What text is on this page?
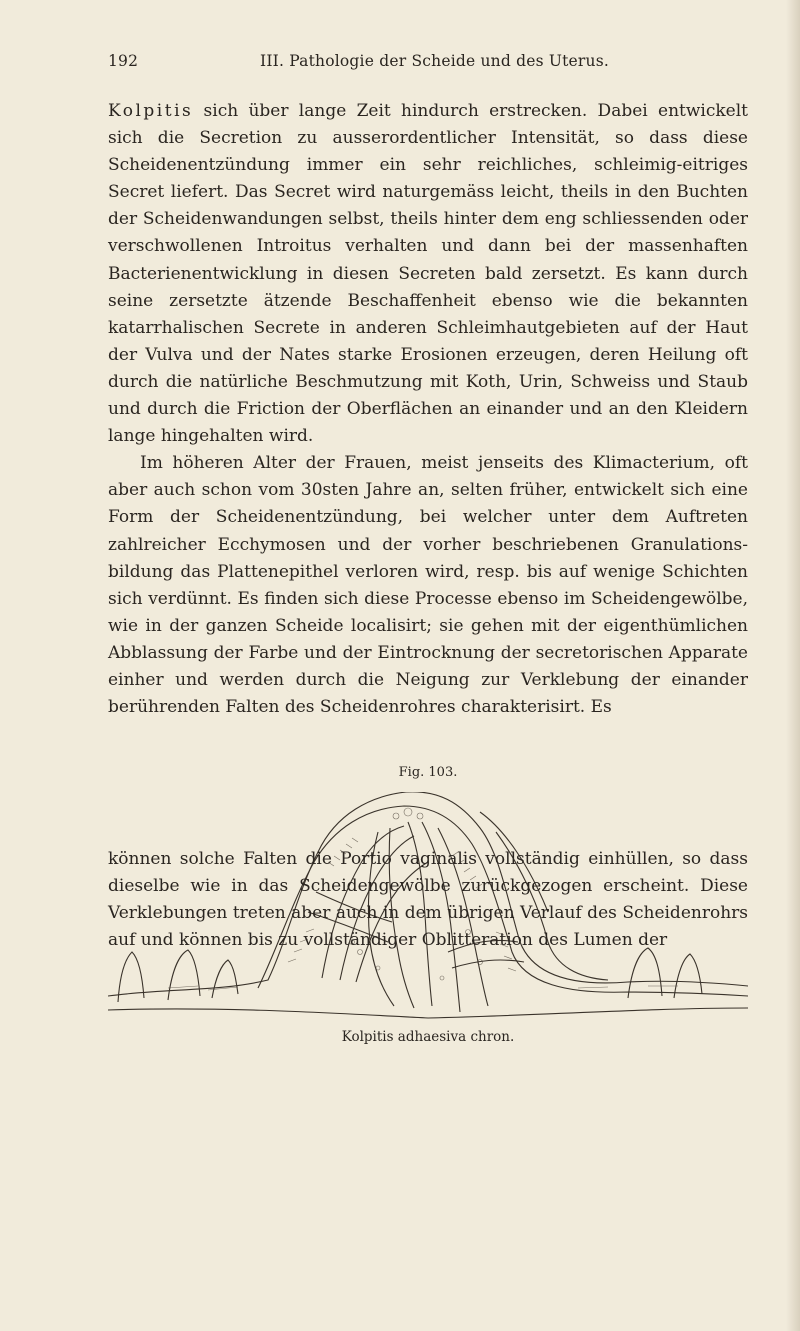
192	III. Pathologie der Scheide und des Uterus.

Kolpitis sich über lange Zeit hindurch erstrecken. Dabei entwickelt sich die Secretion zu ausserordentlicher Intensität, so dass diese Scheidenentzündung immer ein sehr reichliches, schleimig-eitriges Secret liefert. Das Secret wird naturgemäss leicht, theils in den Buchten der Scheidenwandungen selbst, theils hinter dem eng schliessenden oder verschwollenen Introitus verhalten und dann bei der massenhaften Bacterienentwicklung in diesen Secreten bald zersetzt. Es kann durch seine zersetzte ätzende Beschaffenheit ebenso wie die bekannten katarrhalischen Secrete in anderen Schleimhautgebieten auf der Haut der Vulva und der Nates starke Erosionen erzeugen, deren Heilung oft durch die natürliche Beschmutzung mit Koth, Urin, Schweiss und Staub und durch die Friction der Oberflächen an einander und an den Kleidern lange hingehalten wird.

Im höheren Alter der Frauen, meist jenseits des Klimacterium, oft aber auch schon vom 30sten Jahre an, selten früher, entwickelt sich eine Form der Scheidenentzündung, bei welcher unter dem Auftreten zahlreicher Ecchymosen und der vorher beschriebenen Granulationsbildung das Plattenepithel verloren wird, resp. bis auf wenige Schichten sich verdünnt. Es finden sich diese Processe ebenso im Scheidengewölbe, wie in der ganzen Scheide localisirt; sie gehen mit der eigenthümlichen Abblassung der Farbe und der Eintrocknung der secretorischen Apparate einher und werden durch die Neigung zur Verklebung der einander berührenden Falten des Scheidenrohres charakterisirt. Es

Fig. 103.
Kolpitis adhaesiva chron.

können solche Falten die Portio vaginalis vollständig einhüllen, so dass dieselbe wie in das Scheidengewölbe zurückgezogen erscheint. Diese Verklebungen treten aber auch in dem übrigen Verlauf des Scheidenrohrs auf und können bis zu vollständiger Oblitteration des Lumen der
